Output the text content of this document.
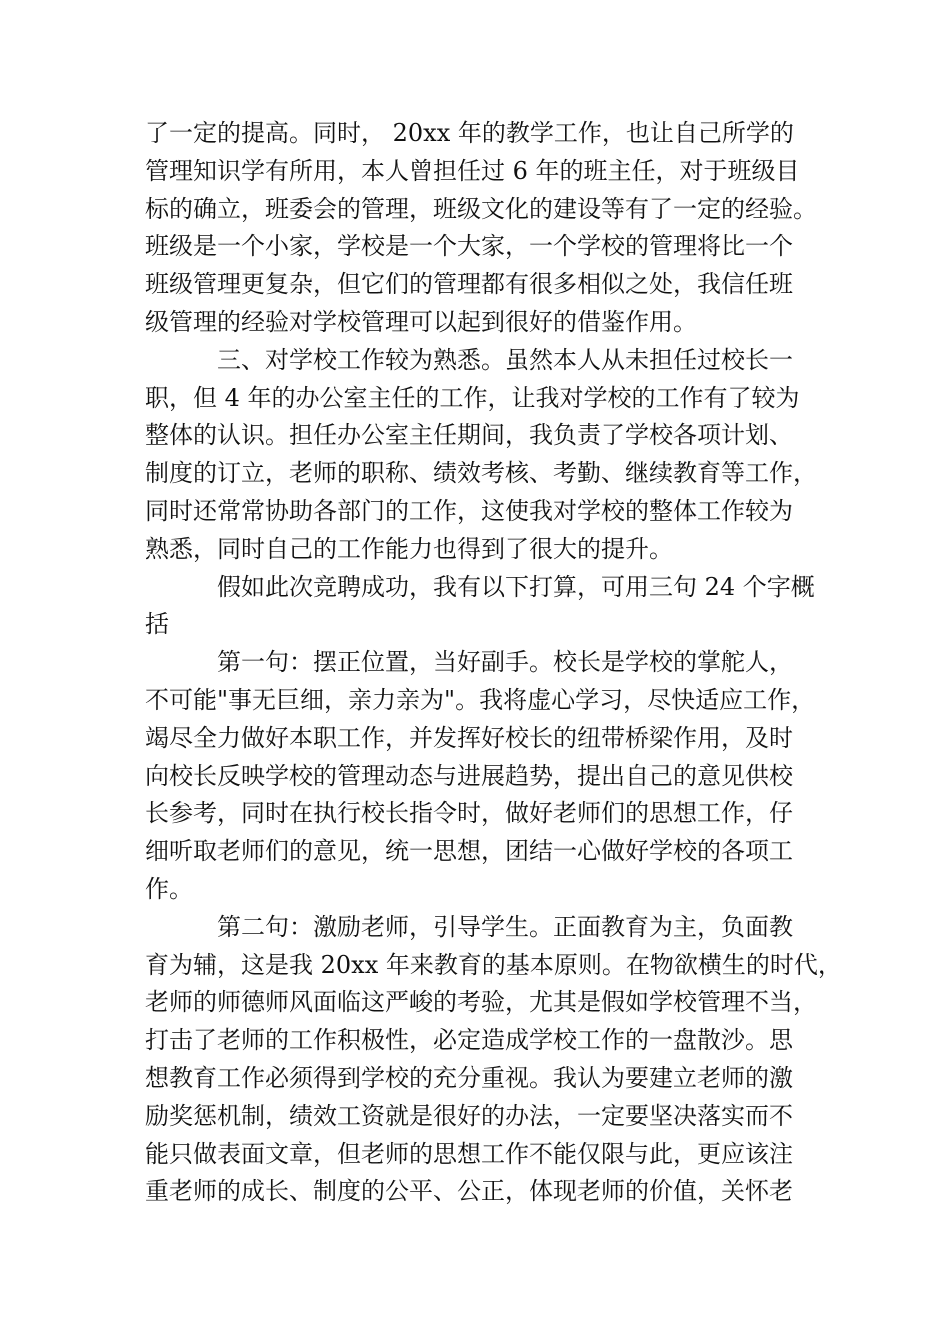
了一定的提高。同时， 20xx 年的教学工作，也让自己所学的
管理知识学有所用，本人曾担任过 6 年的班主任，对于班级目
标的确立，班委会的管理，班级文化的建设等有了一定的经验。
班级是一个小家，学校是一个大家，一个学校的管理将比一个
班级管理更复杂，但它们的管理都有很多相似之处，我信任班
级管理的经验对学校管理可以起到很好的借鉴作用。
三、对学校工作较为熟悉。虽然本人从未担任过校长一
职，但 4 年的办公室主任的工作，让我对学校的工作有了较为
整体的认识。担任办公室主任期间，我负责了学校各项计划、
制度的订立，老师的职称、绩效考核、考勤、继续教育等工作，
同时还常常协助各部门的工作，这使我对学校的整体工作较为
熟悉，同时自己的工作能力也得到了很大的提升。
假如此次竞聘成功，我有以下打算，可用三句 24 个字概
括
第一句：摆正位置，当好副手。校长是学校的掌舵人，
不可能"事无巨细，亲力亲为"。我将虚心学习，尽快适应工作，
竭尽全力做好本职工作，并发挥好校长的纽带桥梁作用，及时
向校长反映学校的管理动态与进展趋势，提出自己的意见供校
长参考，同时在执行校长指令时，做好老师们的思想工作，仔
细听取老师们的意见，统一思想，团结一心做好学校的各项工
作。
第二句：激励老师，引导学生。正面教育为主，负面教
育为辅，这是我 20xx 年来教育的基本原则。在物欲横生的时代，
老师的师德师风面临这严峻的考验，尤其是假如学校管理不当，
打击了老师的工作积极性，必定造成学校工作的一盘散沙。思
想教育工作必须得到学校的充分重视。我认为要建立老师的激
励奖惩机制，绩效工资就是很好的办法，一定要坚决落实而不
能只做表面文章，但老师的思想工作不能仅限与此，更应该注
重老师的成长、制度的公平、公正，体现老师的价值，关怀老
